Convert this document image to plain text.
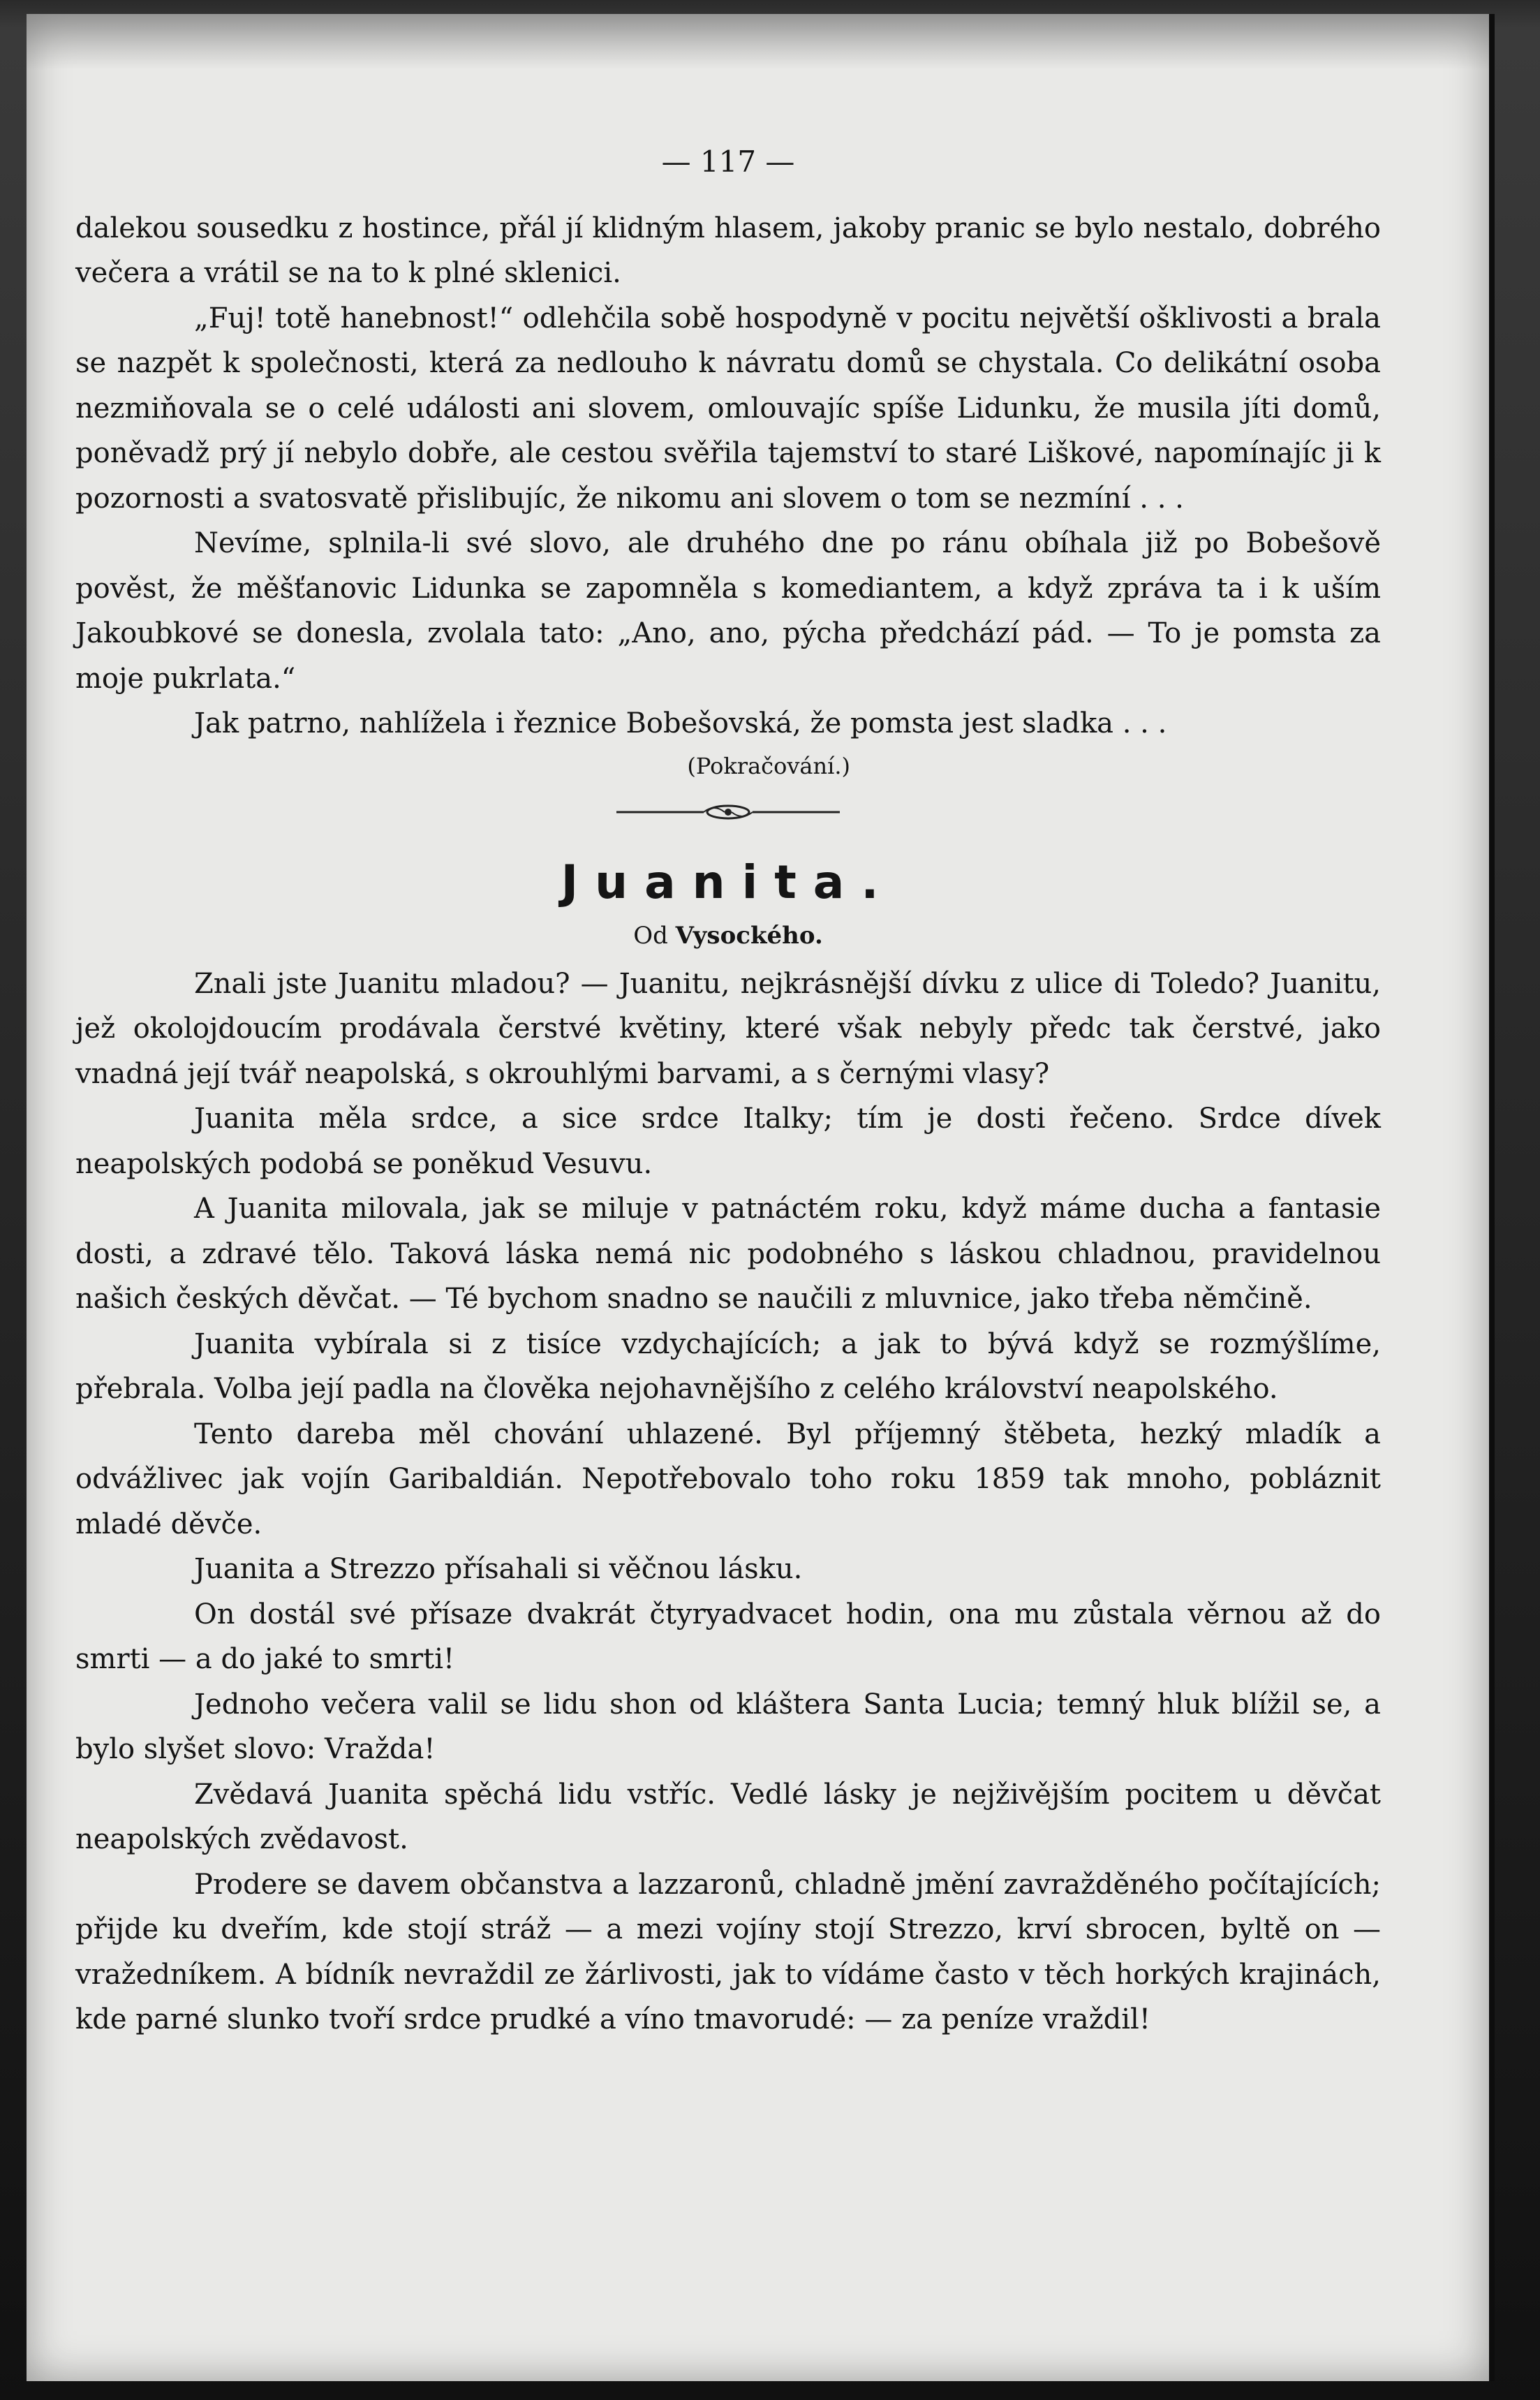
— 117 —

dalekou sousedku z hostince, přál jí klidným hlasem, jakoby pranic se bylo nestalo, dobrého večera a vrátil se na to k plné sklenici.

„Fuj! totě hanebnost!“ odlehčila sobě hospodyně v pocitu největší ošklivosti a brala se nazpět k společnosti, která za nedlouho k návratu domů se chystala. Co delikátní osoba nezmiňovala se o celé události ani slovem, omlouvajíc spíše Lidunku, že musila jíti domů, poněvadž prý jí nebylo dobře, ale cestou svěřila tajemství to staré Liškové, napomínajíc ji k pozornosti a svatosvatě přislibujíc, že nikomu ani slovem o tom se nezmíní . . .

Nevíme, splnila-li své slovo, ale druhého dne po ránu obíhala již po Bobešově pověst, že měšťanovic Lidunka se zapomněla s komediantem, a když zpráva ta i k uším Jakoubkové se donesla, zvolala tato: „Ano, ano, pýcha předchází pád. — To je pomsta za moje pukrlata.“

Jak patrno, nahlížela i řeznice Bobešovská, že pomsta jest sladka . . .

(Pokračování.)
Juanita.
Od Vysockého.

Znali jste Juanitu mladou? — Juanitu, nejkrásnější dívku z ulice di Toledo? Juanitu, jež okolojdoucím prodávala čerstvé květiny, které však nebyly předc tak čerstvé, jako vnadná její tvář neapolská, s okrouhlými barvami, a s černými vlasy?

Juanita měla srdce, a sice srdce Italky; tím je dosti řečeno. Srdce dívek neapolských podobá se poněkud Vesuvu.

A Juanita milovala, jak se miluje v patnáctém roku, když máme ducha a fantasie dosti, a zdravé tělo. Taková láska nemá nic podobného s láskou chladnou, pravidelnou našich českých děvčat. — Té bychom snadno se naučili z mluvnice, jako třeba němčině.

Juanita vybírala si z tisíce vzdychajících; a jak to bývá když se rozmýšlíme, přebrala. Volba její padla na člověka nejohavnějšího z celého království neapolského.

Tento dareba měl chování uhlazené. Byl příjemný štěbeta, hezký mladík a odvážlivec jak vojín Garibaldián. Nepotřebovalo toho roku 1859 tak mnoho, pobláznit mladé děvče.

Juanita a Strezzo přísahali si věčnou lásku.

On dostál své přísaze dvakrát čtyryadvacet hodin, ona mu zůstala věrnou až do smrti — a do jaké to smrti!

Jednoho večera valil se lidu shon od kláštera Santa Lucia; temný hluk blížil se, a bylo slyšet slovo: Vražda!

Zvědavá Juanita spěchá lidu vstříc. Vedlé lásky je nejživějším pocitem u děvčat neapolských zvědavost.

Prodere se davem občanstva a lazzaronů, chladně jmění zavražděného počítajících; přijde ku dveřím, kde stojí stráž — a mezi vojíny stojí Strezzo, krví sbrocen, byltě on — vražedníkem. A bídník nevraždil ze žárlivosti, jak to vídáme často v těch horkých krajinách, kde parné slunko tvoří srdce prudké a víno tmavorudé: — za peníze vraždil!
